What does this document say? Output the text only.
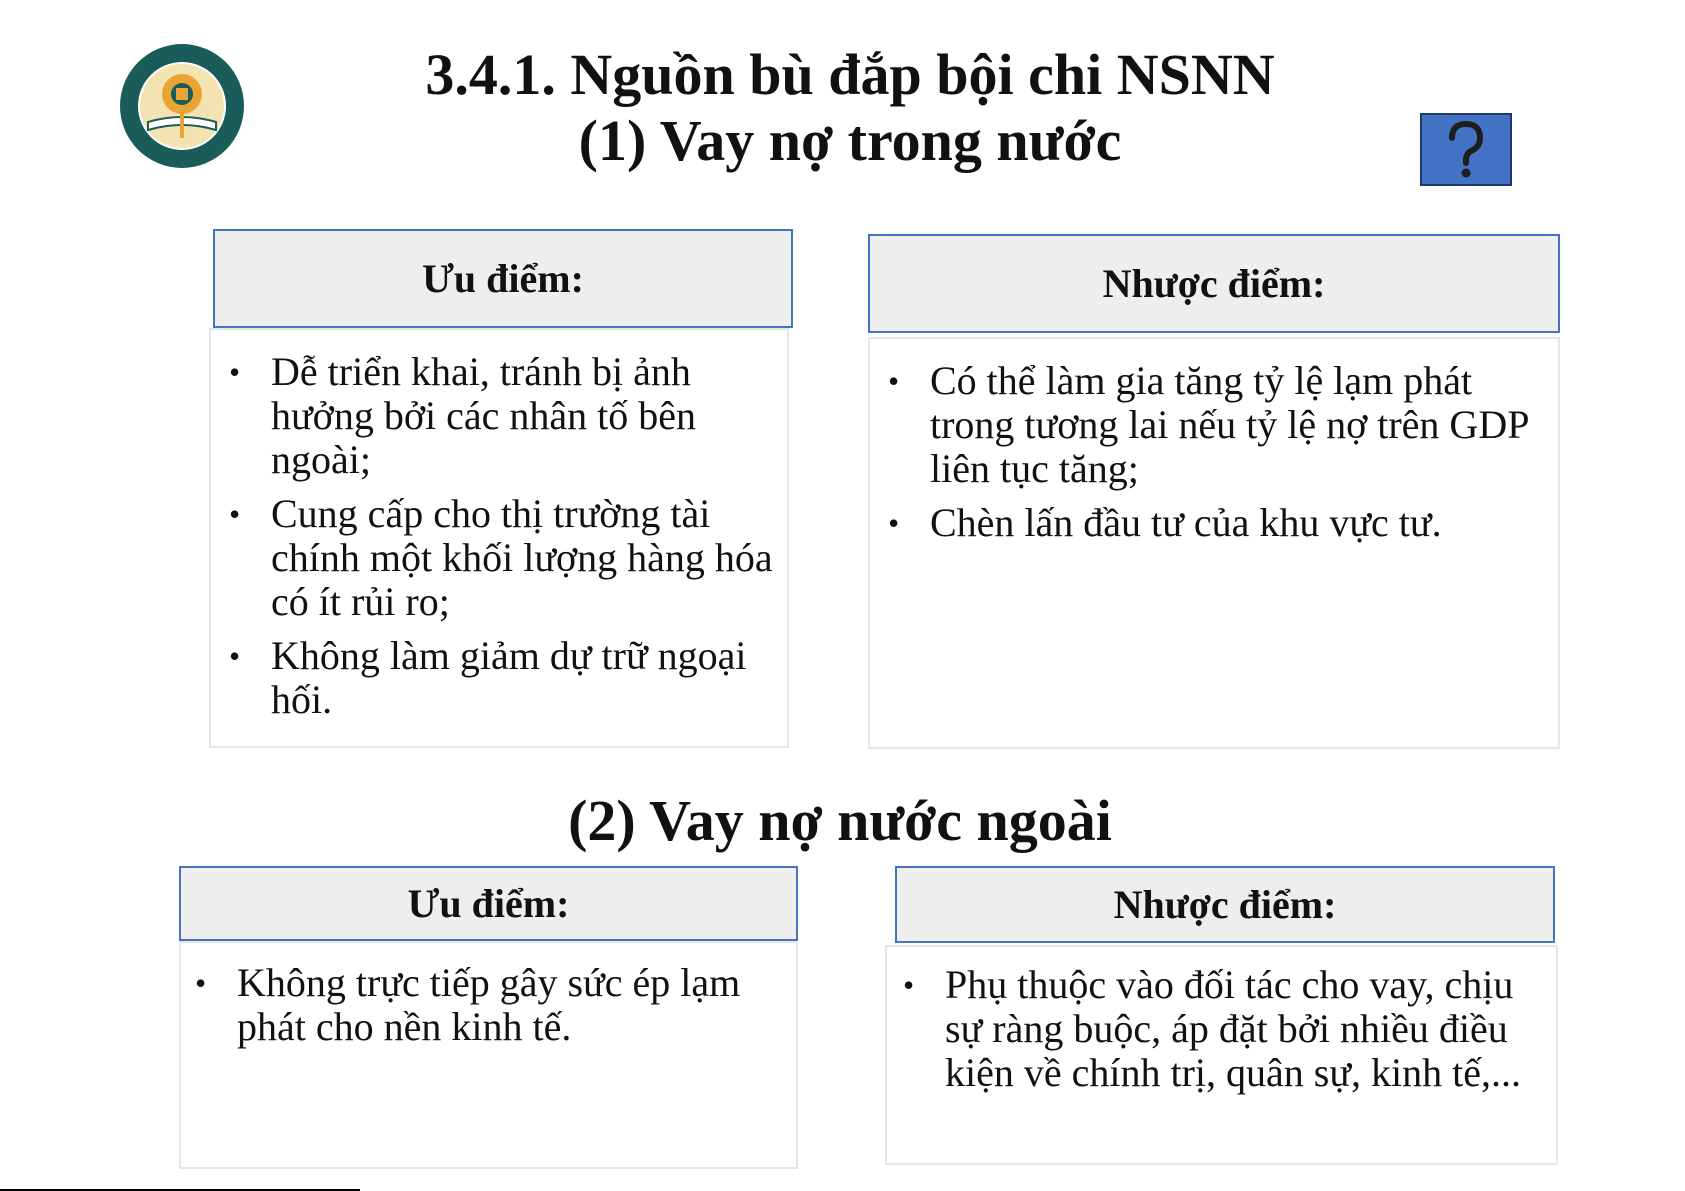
3.4.1. Nguồn bù đắp bội chi NSNN
(1) Vay nợ trong nước
Ưu điểm:
• Dễ triển khai, tránh bị ảnh hưởng bởi các nhân tố bên ngoài;
• Cung cấp cho thị trường tài chính một khối lượng hàng hóa có ít rủi ro;
• Không làm giảm dự trữ ngoại hối.
Nhược điểm:
• Có thể làm gia tăng tỷ lệ lạm phát trong tương lai nếu tỷ lệ nợ trên GDP liên tục tăng;
• Chèn lấn đầu tư của khu vực tư.
(2) Vay nợ nước ngoài
Ưu điểm:
• Không trực tiếp gây sức ép lạm phát cho nền kinh tế.
Nhược điểm:
• Phụ thuộc vào đối tác cho vay, chịu sự ràng buộc, áp đặt bởi nhiều điều kiện về chính trị, quân sự, kinh tế,...
